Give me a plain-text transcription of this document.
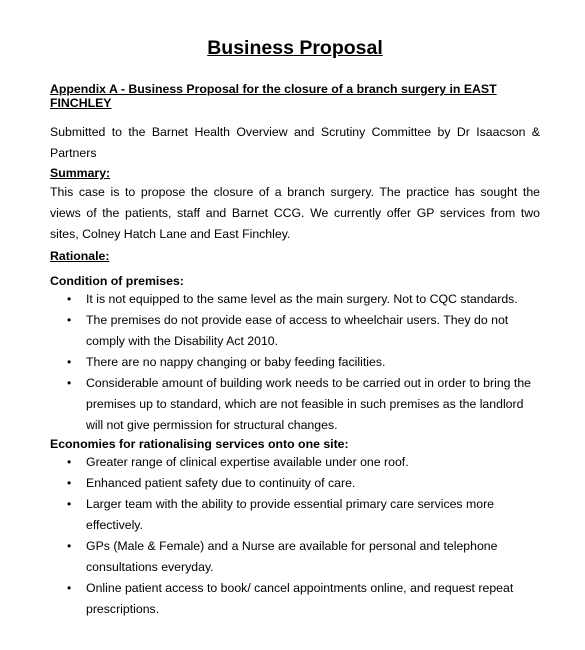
Business Proposal
Appendix A - Business Proposal for the closure of a branch surgery in EAST FINCHLEY

Submitted to the Barnet Health Overview and Scrutiny Committee by Dr Isaacson & Partners

Summary:

This case is to propose the closure of a branch surgery. The practice has sought the views of the patients, staff and Barnet CCG. We currently offer GP services from two sites, Colney Hatch Lane and East Finchley.

Rationale:
Condition of premises:
• It is not equipped to the same level as the main surgery. Not to CQC standards.
• The premises do not provide ease of access to wheelchair users. They do not comply with the Disability Act 2010.
• There are no nappy changing or baby feeding facilities.
• Considerable amount of building work needs to be carried out in order to bring the premises up to standard, which are not feasible in such premises as the landlord will not give permission for structural changes.
Economies for rationalising services onto one site:
• Greater range of clinical expertise available under one roof.
• Enhanced patient safety due to continuity of care.
• Larger team with the ability to provide essential primary care services more effectively.
• GPs (Male & Female) and a Nurse are available for personal and telephone consultations everyday.
• Online patient access to book/ cancel appointments online, and request repeat prescriptions.
